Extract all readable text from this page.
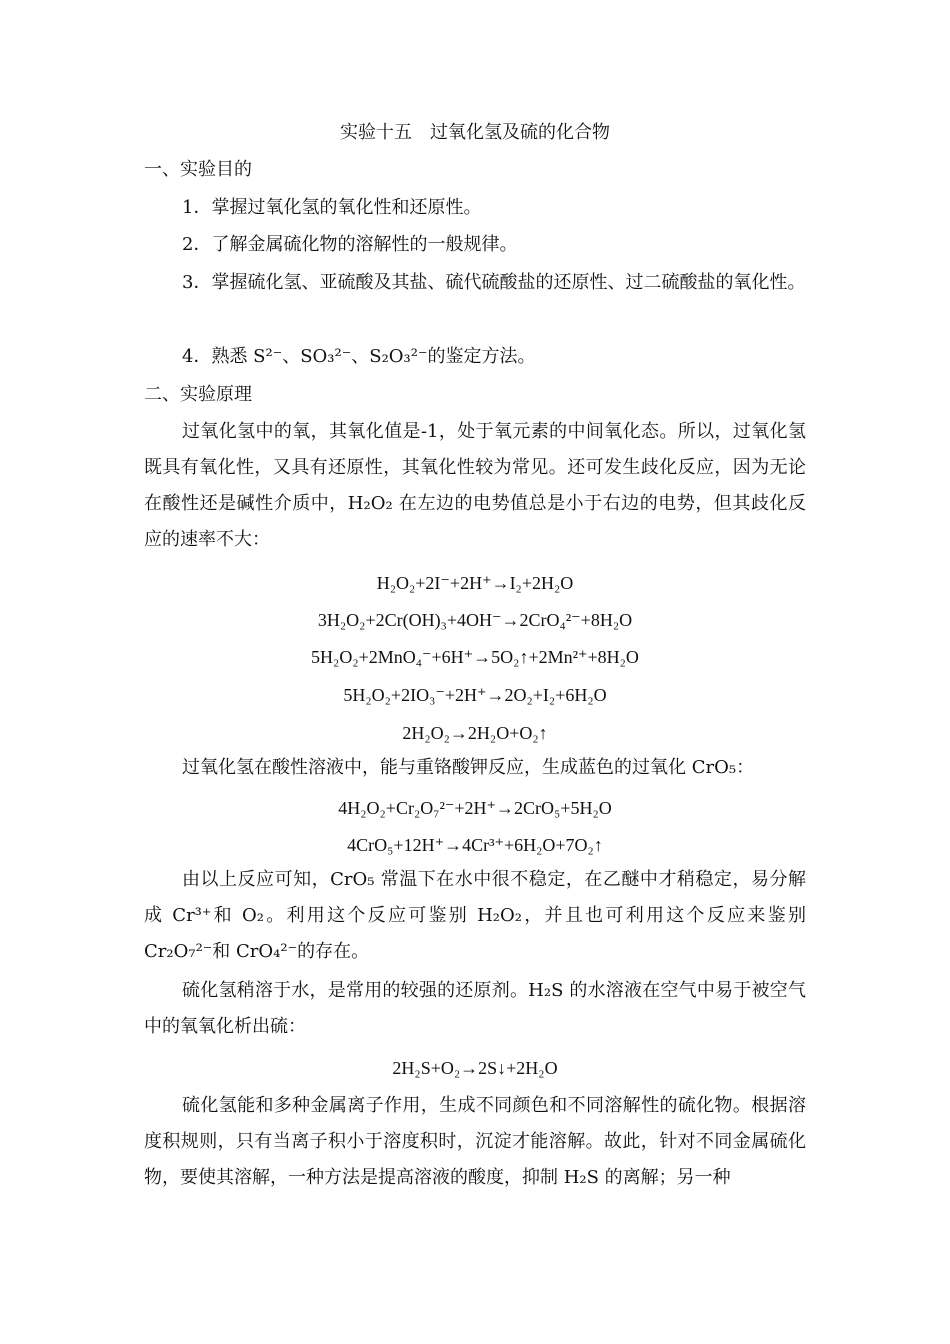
实验十五　过氧化氢及硫的化合物
一、实验目的
1．掌握过氧化氢的氧化性和还原性。
2．了解金属硫化物的溶解性的一般规律。
3．掌握硫化氢、亚硫酸及其盐、硫代硫酸盐的还原性、过二硫酸盐的氧化性。
4．熟悉 S²⁻、SO₃²⁻、S₂O₃²⁻的鉴定方法。
二、实验原理
过氧化氢中的氧，其氧化值是-1，处于氧元素的中间氧化态。所以，过氧化氢既具有氧化性，又具有还原性，其氧化性较为常见。还可发生歧化反应，因为无论在酸性还是碱性介质中，H₂O₂ 在左边的电势值总是小于右边的电势，但其歧化反应的速率不大：
H₂O₂+2I⁻+2H⁺→I₂+2H₂O
3H₂O₂+2Cr(OH)₃+4OH⁻→2CrO₄²⁻+8H₂O
5H₂O₂+2MnO₄⁻+6H⁺→5O₂↑+2Mn²⁺+8H₂O
5H₂O₂+2IO₃⁻+2H⁺→2O₂+I₂+6H₂O
2H₂O₂→2H₂O+O₂↑
过氧化氢在酸性溶液中，能与重铬酸钾反应，生成蓝色的过氧化 CrO₅：
4H₂O₂+Cr₂O₇²⁻+2H⁺→2CrO₅+5H₂O
4CrO₅+12H⁺→4Cr³⁺+6H₂O+7O₂↑
由以上反应可知，CrO₅ 常温下在水中很不稳定，在乙醚中才稍稳定，易分解成 Cr³⁺和 O₂。利用这个反应可鉴别 H₂O₂，并且也可利用这个反应来鉴别 Cr₂O₇²⁻和 CrO₄²⁻的存在。
硫化氢稍溶于水，是常用的较强的还原剂。H₂S 的水溶液在空气中易于被空气中的氧氧化析出硫：
2H₂S+O₂→2S↓+2H₂O
硫化氢能和多种金属离子作用，生成不同颜色和不同溶解性的硫化物。根据溶度积规则，只有当离子积小于溶度积时，沉淀才能溶解。故此，针对不同金属硫化物，要使其溶解，一种方法是提高溶液的酸度，抑制 H₂S 的离解；另一种
